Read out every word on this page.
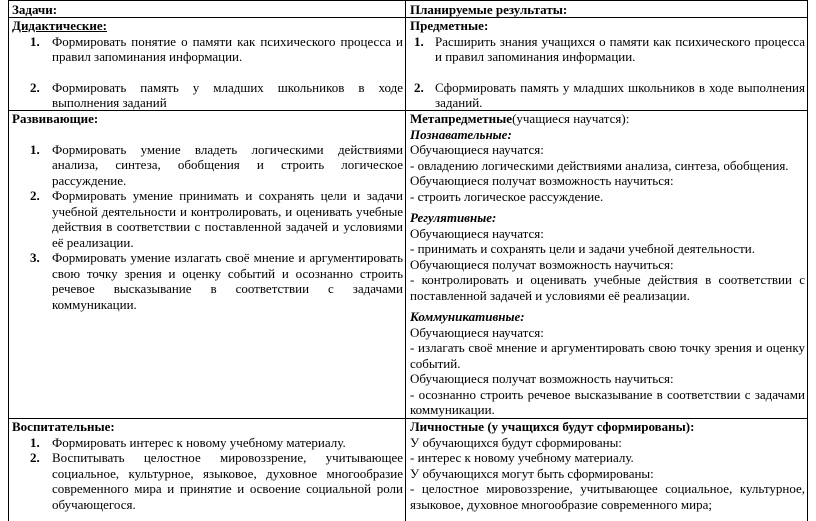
Задачи:	Планируемые результаты:
Дидактические:
1. Формировать понятие о памяти как психического процесса и правил запоминания информации.
2. Формировать память у младших школьников в ходе выполнения заданий
Предметные:
1. Расширить знания учащихся о памяти как психического процесса и правил запоминания информации.
2. Сформировать память у младших школьников в ходе выполнения заданий.
Развивающие:
1. Формировать умение владеть логическими действиями анализа, синтеза, обобщения и строить логическое рассуждение.
2. Формировать умение принимать и сохранять цели и задачи учебной деятельности и контролировать, и оценивать учебные действия в соответствии с поставленной задачей и условиями её реализации.
3. Формировать умение излагать своё мнение и аргументировать свою точку зрения и оценку событий и осознанно строить речевое высказывание в соответствии с задачами коммуникации.
Метапредметные(учащиеся научатся):
Познавательные:

Обучающиеся научатся:

- овладению логическими действиями анализа, синтеза, обобщения.

Обучающиеся получат возможность научиться:

- строить логическое рассуждение.

Регулятивные:

Обучающиеся научатся:

- принимать и сохранять цели и задачи учебной деятельности.

Обучающиеся получат возможность научиться:

- контролировать и оценивать учебные действия в соответствии с поставленной задачей и условиями её реализации.

Коммуникативные:

Обучающиеся научатся:

- излагать своё мнение и аргументировать свою точку зрения и оценку событий.

Обучающиеся получат возможность научиться:

- осознанно строить речевое высказывание в соответствии с задачами коммуникации.

Воспитательные:
1. Формировать интерес к новому учебному материалу.
2. Воспитывать целостное мировоззрение, учитывающее социальное, культурное, языковое, духовное многообразие современного мира и принятие и освоение социальной роли обучающегося.
Личностные (у учащихся будут сформированы):

У обучающихся будут сформированы:

- интерес к новому учебному материалу.

У обучающихся могут быть сформированы:

- целостное мировоззрение, учитывающее социальное, культурное, языковое, духовное многообразие современного мира;
